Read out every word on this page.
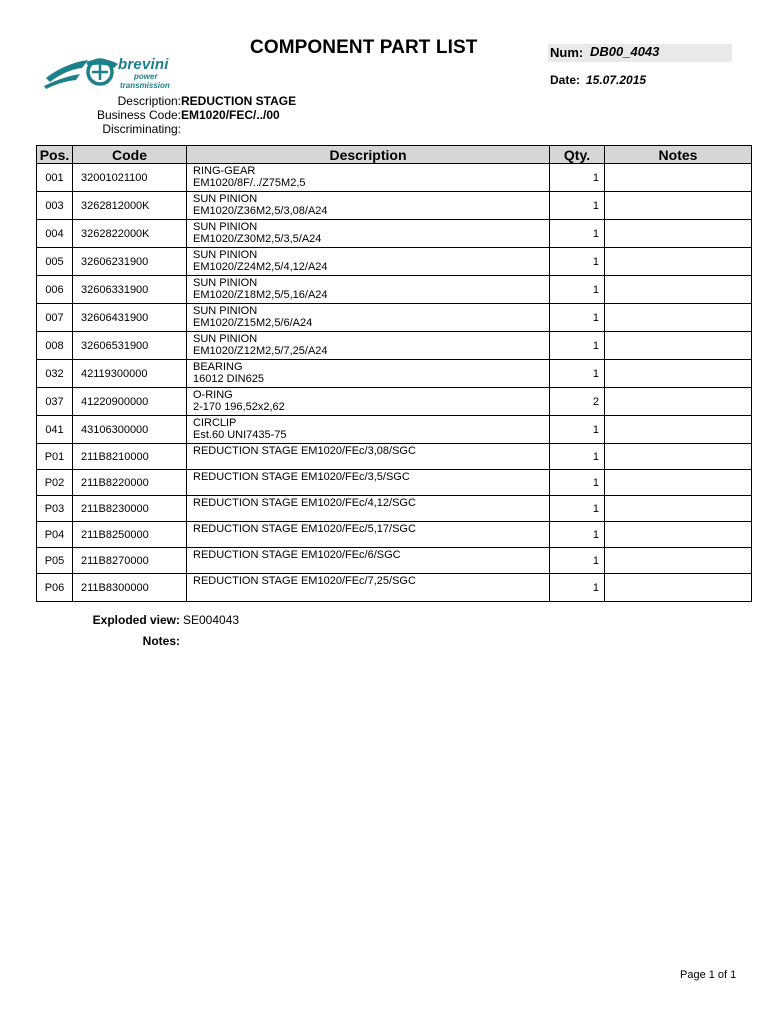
brevini
power
transmission
COMPONENT PART LIST	Num: DB00_4043
Date: 15.07.2015
Description: REDUCTION STAGE
Business Code: EM1020/FEC/../00
Discriminating:
Pos.	Code	Description	Qty.	Notes
001	32001021100	RING-GEAR
EM1020/8F/../Z75M2,5	1	
003	3262812000K	SUN PINION
EM1020/Z36M2,5/3,08/A24	1	
004	3262822000K	SUN PINION
EM1020/Z30M2,5/3,5/A24	1	
005	32606231900	SUN PINION
EM1020/Z24M2,5/4,12/A24	1	
006	32606331900	SUN PINION
EM1020/Z18M2,5/5,16/A24	1	
007	32606431900	SUN PINION
EM1020/Z15M2,5/6/A24	1	
008	32606531900	SUN PINION
EM1020/Z12M2,5/7,25/A24	1	
032	42119300000	BEARING
16012 DIN625	1	
037	41220900000	O-RING
2-170 196,52x2,62	2	
041	43106300000	CIRCLIP
Est.60 UNI7435-75	1	
P01	211B8210000	REDUCTION STAGE EM1020/FEc/3,08/SGC	1	
P02	211B8220000	REDUCTION STAGE EM1020/FEc/3,5/SGC	1	
P03	211B8230000	REDUCTION STAGE EM1020/FEc/4,12/SGC	1	
P04	211B8250000	REDUCTION STAGE EM1020/FEc/5,17/SGC	1	
P05	211B8270000	REDUCTION STAGE EM1020/FEc/6/SGC	1	
P06	211B8300000	REDUCTION STAGE EM1020/FEc/7,25/SGC	1	
Exploded view: SE004043
Notes:
Page 1 of 1
